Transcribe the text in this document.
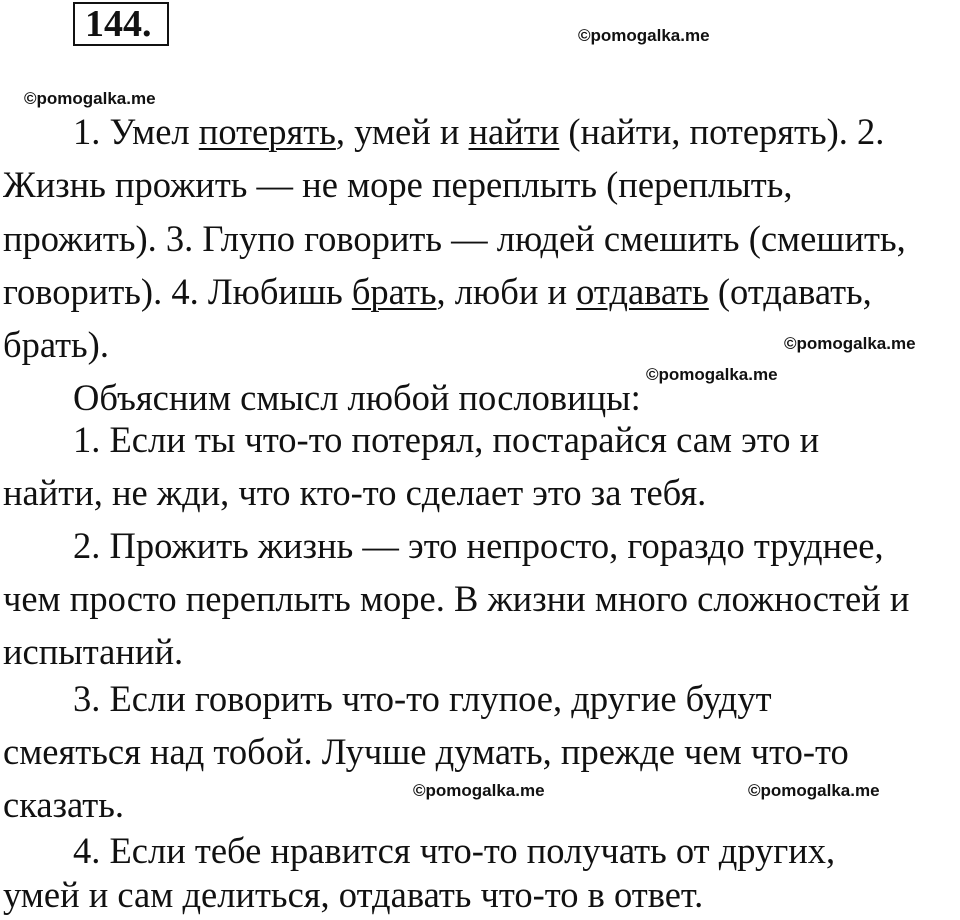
144.	©pomogalka.me
©pomogalka.me
©pomogalka.me
©pomogalka.me
©pomogalka.me	©pomogalka.me
1. Умел потерять, умей и найти (найти, потерять). 2.
Жизнь прожить — не море переплыть (переплыть,
прожить). 3. Глупо говорить — людей смешить (смешить,
говорить). 4. Любишь брать, люби и отдавать (отдавать,
брать).
Объясним смысл любой пословицы:
1. Если ты что-то потерял, постарайся сам это и
найти, не жди, что кто-то сделает это за тебя.
2. Прожить жизнь — это непросто, гораздо труднее,
чем просто переплыть море. В жизни много сложностей и
испытаний.
3. Если говорить что-то глупое, другие будут
смеяться над тобой. Лучше думать, прежде чем что-то
сказать.
4. Если тебе нравится что-то получать от других,
умей и сам делиться, отдавать что-то в ответ.
